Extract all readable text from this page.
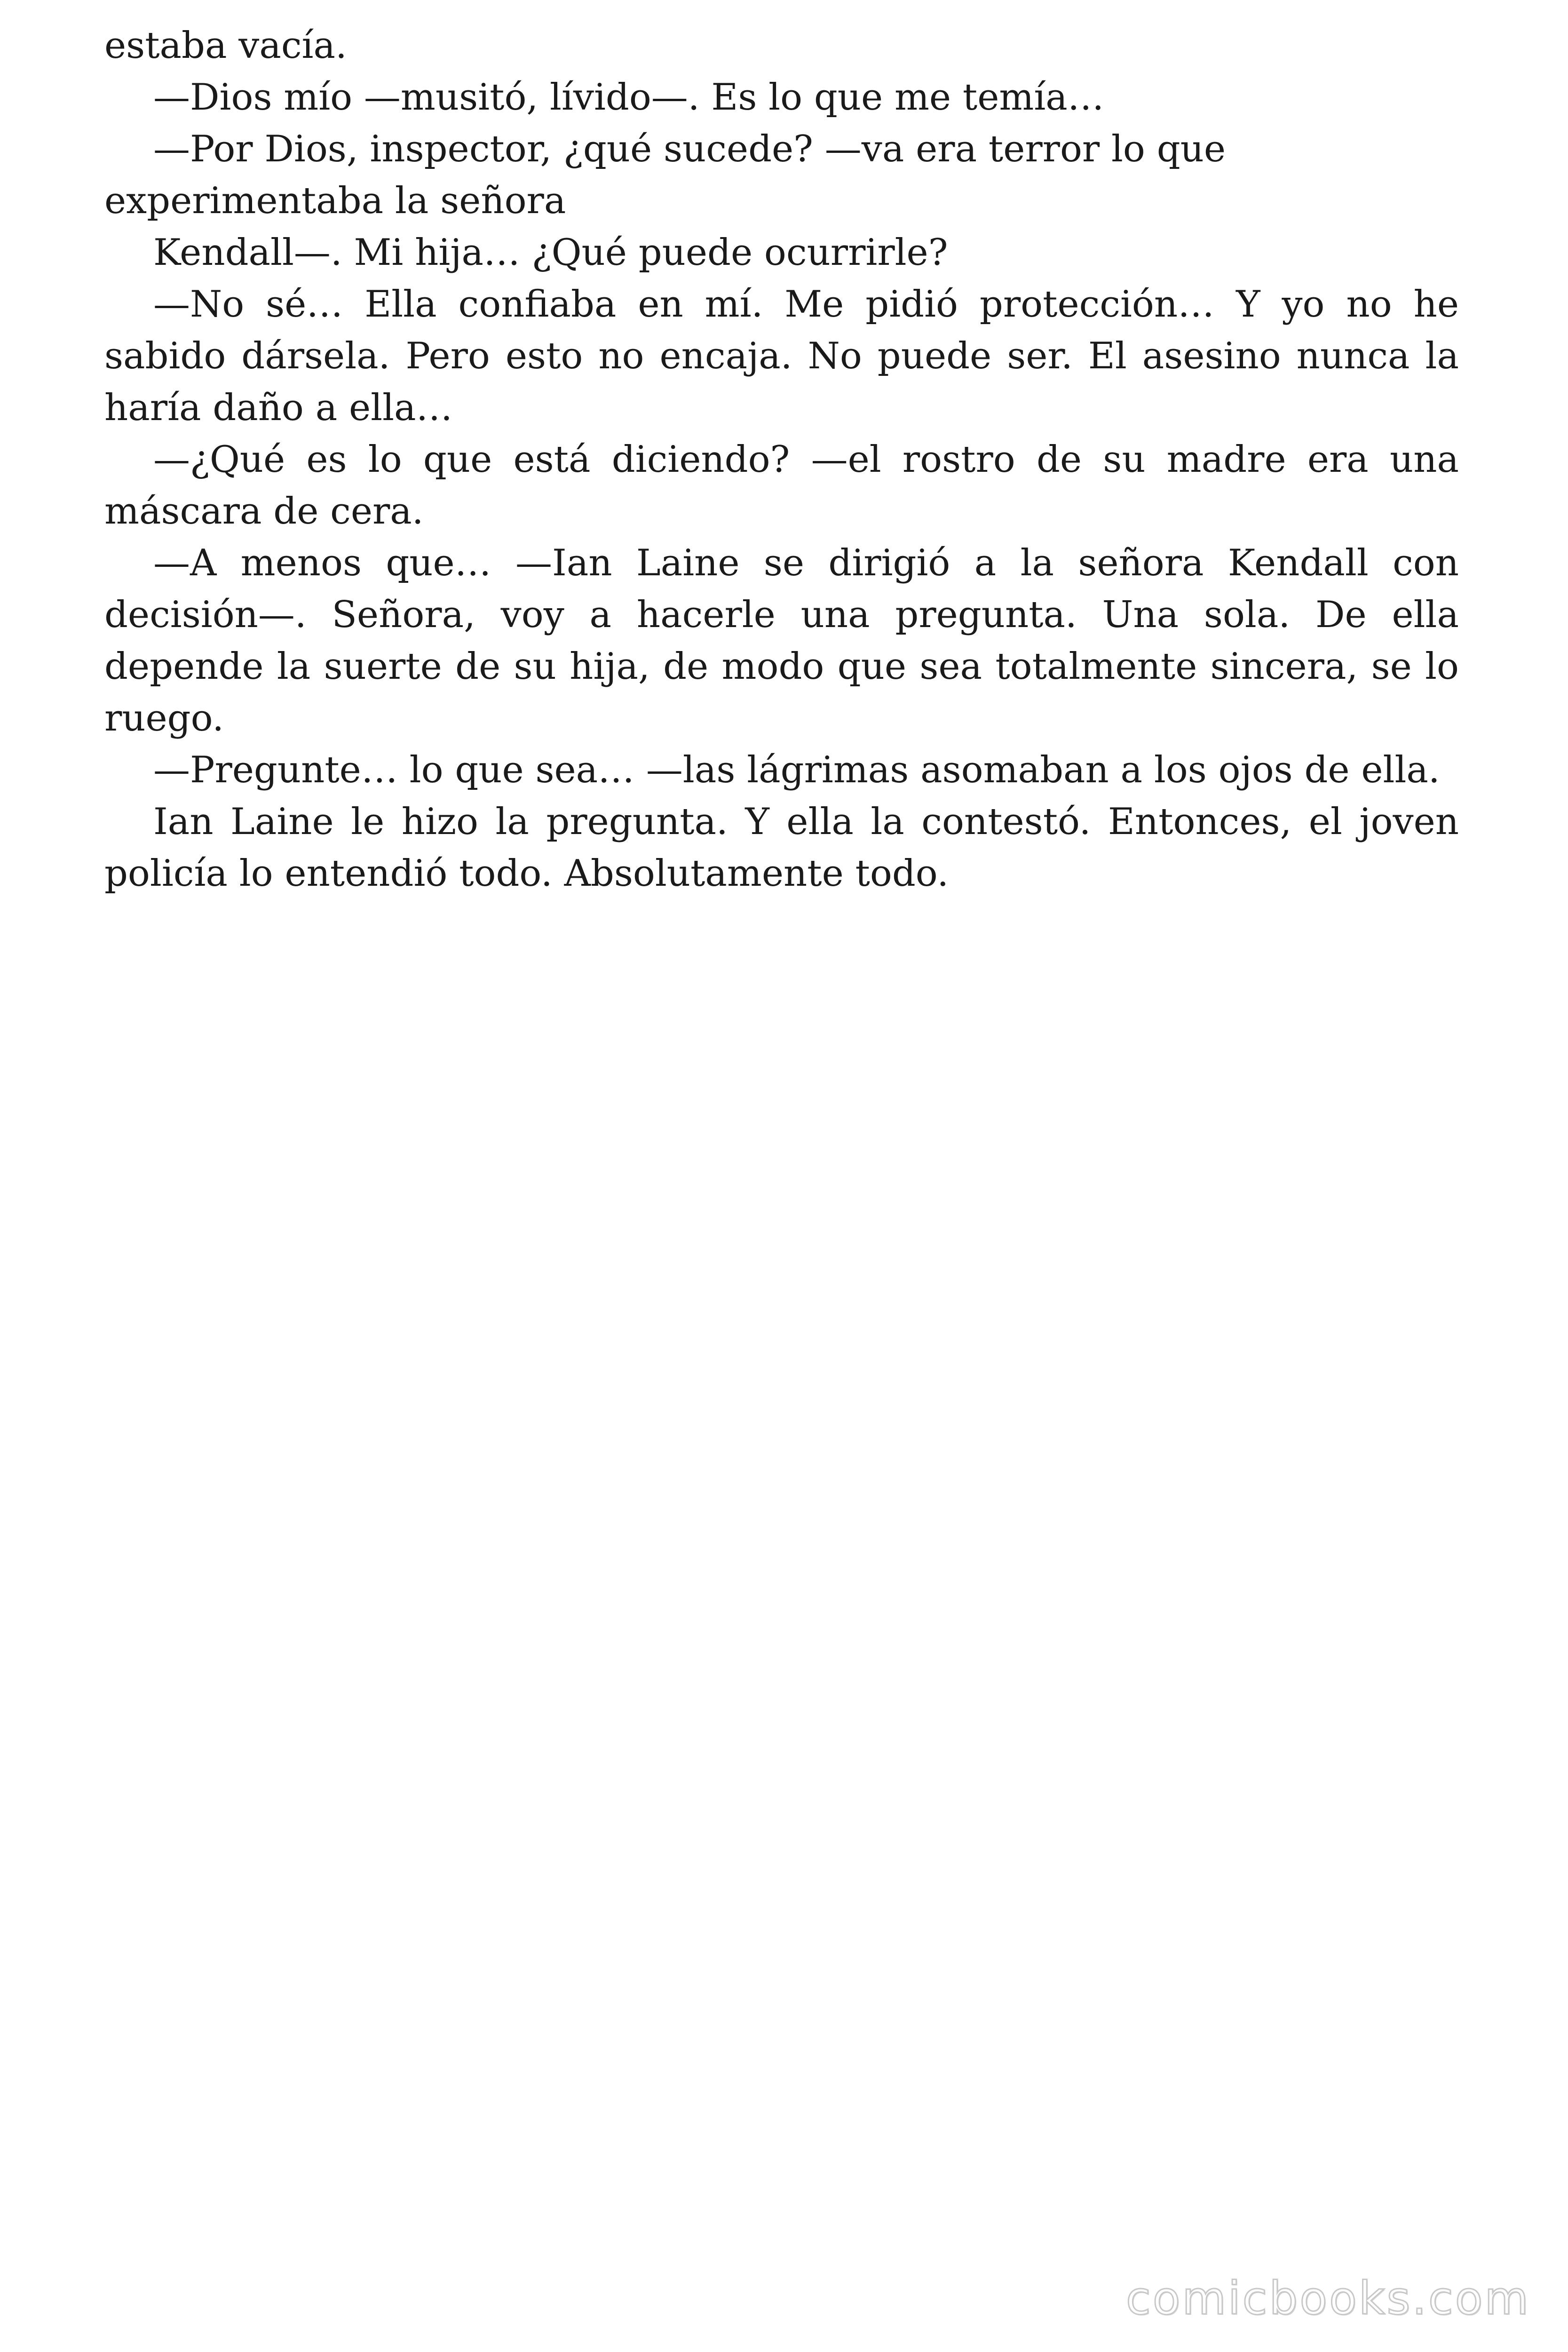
estaba vacía.

—Dios mío —musitó, lívido—. Es lo que me temía…

—Por Dios, inspector, ¿qué sucede? —va era terror lo que experimentaba la señora

Kendall—. Mi hija… ¿Qué puede ocurrirle?

—No sé… Ella confiaba en mí. Me pidió protección… Y yo no he sabido dársela. Pero esto no encaja. No puede ser. El asesino nunca la haría daño a ella…

—¿Qué es lo que está diciendo? —el rostro de su madre era una máscara de cera.

—A menos que… —Ian Laine se dirigió a la señora Kendall con decisión—. Señora, voy a hacerle una pregunta. Una sola. De ella depende la suerte de su hija, de modo que sea totalmente sincera, se lo ruego.

—Pregunte… lo que sea… —las lágrimas asomaban a los ojos de ella.

Ian Laine le hizo la pregunta. Y ella la contestó. Entonces, el joven policía lo entendió todo. Absolutamente todo.

comicbooks.com
